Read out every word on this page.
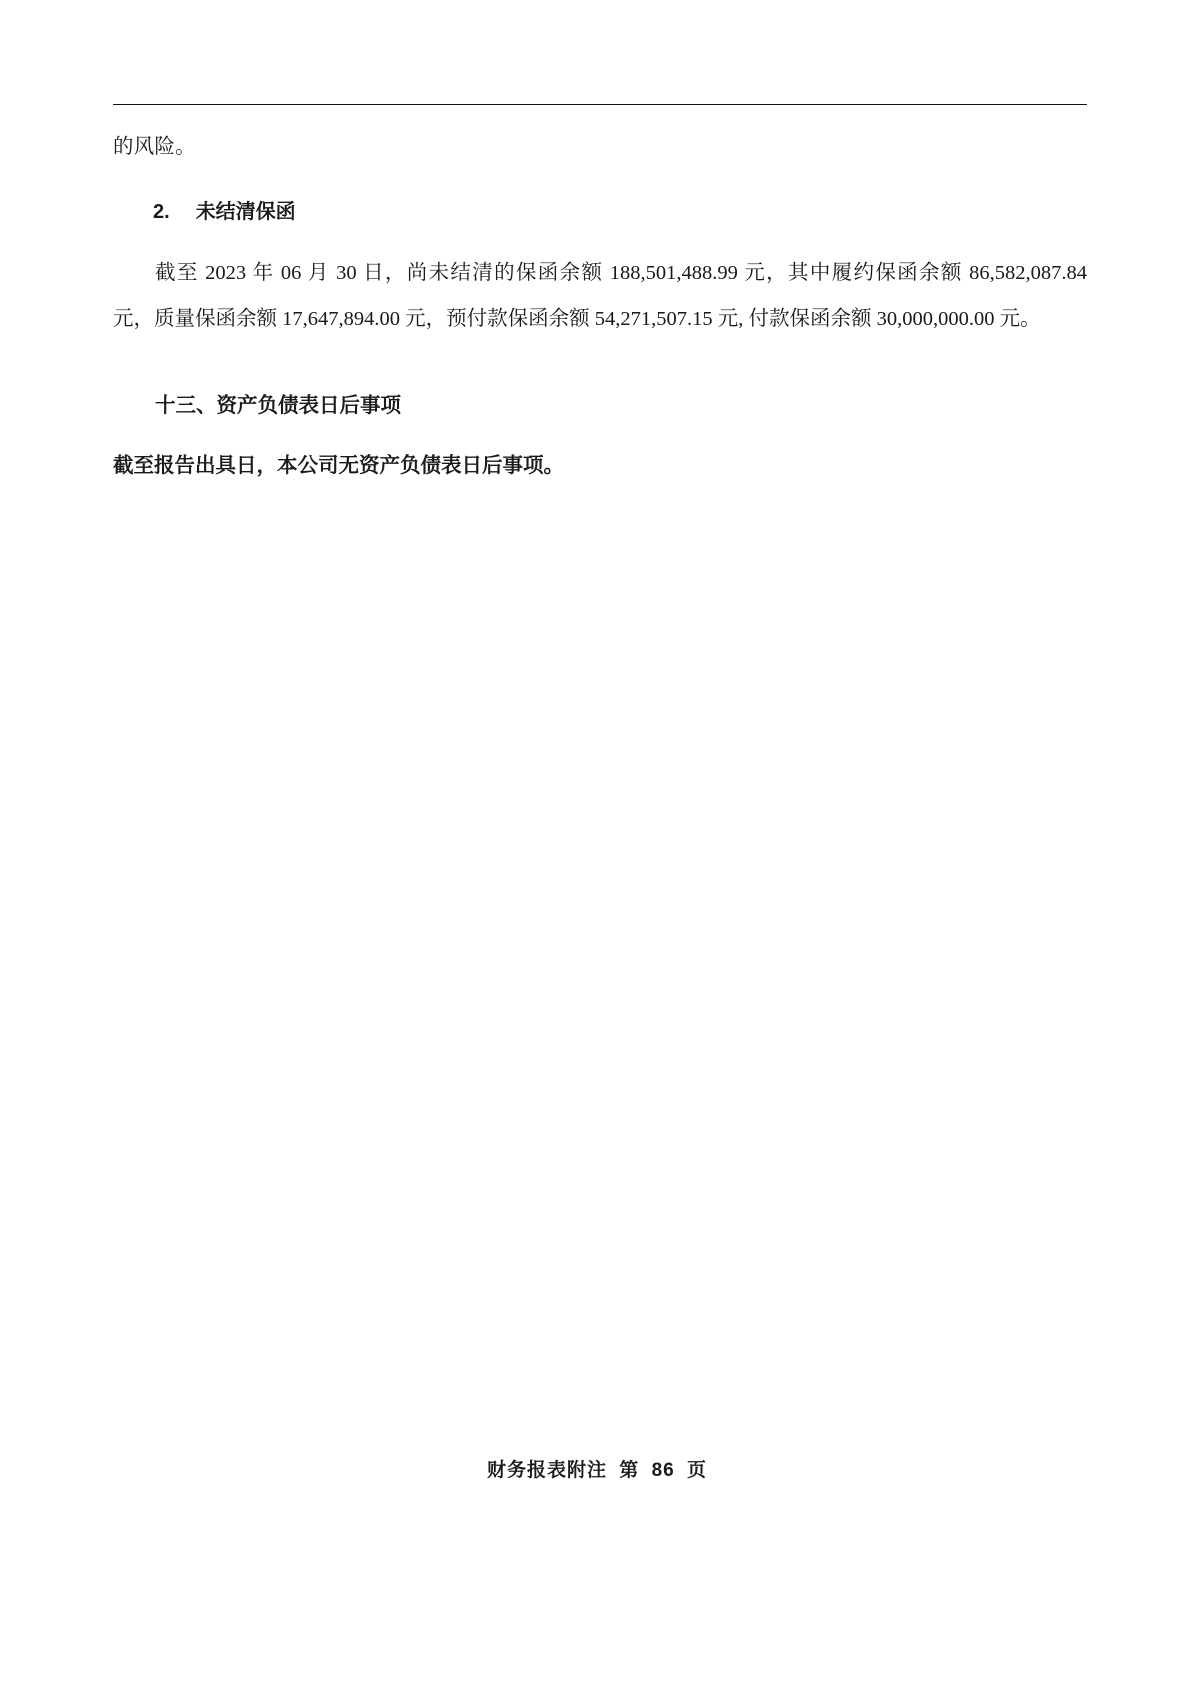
的风险。

2. 未结清保函

截至 2023 年 06 月 30 日，尚未结清的保函余额 188,501,488.99 元，其中履约保函余额 86,582,087.84 元，质量保函余额 17,647,894.00 元，预付款保函余额 54,271,507.15 元, 付款保函余额 30,000,000.00 元。

十三、资产负债表日后事项
截至报告出具日，本公司无资产负债表日后事项。
财务报表附注 第 86 页
